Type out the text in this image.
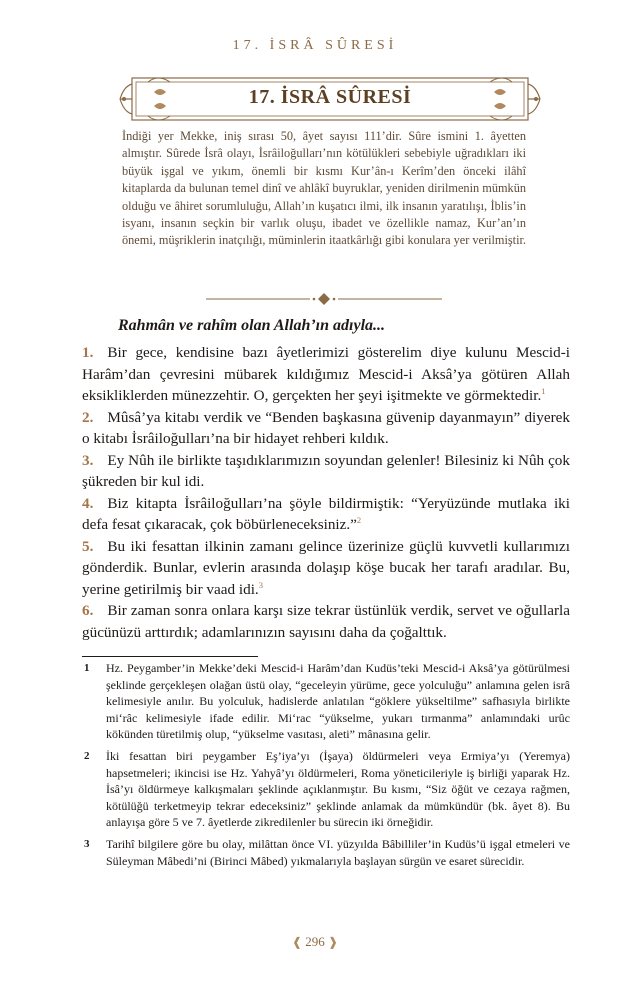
17. İSRÂ SÛRESİ
17. İSRÂ SÛRESİ
İndiği yer Mekke, iniş sırası 50, âyet sayısı 111’dir. Sûre ismini 1. âyetten almıştır. Sûrede İsrâ olayı, İsrâiloğulları’nın kötülükleri sebebiyle uğradıkları iki büyük işgal ve yıkım, önemli bir kısmı Kur’ân-ı Kerîm’den önceki ilâhî kitaplarda da bulunan temel dinî ve ahlâkî buyruklar, yeniden dirilmenin mümkün olduğu ve âhiret sorumluluğu, Allah’ın kuşatıcı ilmi, ilk insanın yaratılışı, İblis’in isyanı, insanın seçkin bir varlık oluşu, ibadet ve özellikle namaz, Kur’an’ın önemi, müşriklerin inatçılığı, müminlerin itaatkârlığı gibi konulara yer verilmiştir.
Rahmân ve rahîm olan Allah’ın adıyla...

1. Bir gece, kendisine bazı âyetlerimizi gösterelim diye kulunu Mescid-i Harâm’dan çevresini mübarek kıldığımız Mescid-i Aksâ’ya götüren Allah eksikliklerden münezzehtir. O, gerçekten her şeyi işitmekte ve görmektedir.$^1$

2. Mûsâ’ya kitabı verdik ve “Benden başkasına güvenip dayanmayın” diyerek o kitabı İsrâiloğulları’na bir hidayet rehberi kıldık.

3. Ey Nûh ile birlikte taşıdıklarımızın soyundan gelenler! Bilesiniz ki Nûh çok şükreden bir kul idi.

4. Biz kitapta İsrâiloğulları’na şöyle bildirmiştik: “Yeryüzünde mutlaka iki defa fesat çıkaracak, çok böbürleneceksiniz.”$^2$

5. Bu iki fesattan ilkinin zamanı gelince üzerinize güçlü kuvvetli kullarımızı gönderdik. Bunlar, evlerin arasında dolaşıp köşe bucak her tarafı aradılar. Bu, yerine getirilmiş bir vaad idi.$^3$

6. Bir zaman sonra onlara karşı size tekrar üstünlük verdik, servet ve oğullarla gücünüzü arttırdık; adamlarınızın sayısını daha da çoğalttık.

1	Hz. Peygamber’in Mekke’deki Mescid-i Harâm’dan Kudüs’teki Mescid-i Aksâ’ya götürülmesi şeklinde gerçekleşen olağan üstü olay, “geceleyin yürüme, gece yolculuğu” anlamına gelen isrâ kelimesiyle anılır. Bu yolculuk, hadislerde anlatılan “göklere yükseltilme” safhasıyla birlikte mi‘râc kelimesiyle ifade edilir. Mi‘rac “yükselme, yukarı tırmanma” anlamındaki urûc kökünden türetilmiş olup, “yükselme vasıtası, aleti” mânasına gelir.
2	İki fesattan biri peygamber Eş’iya’yı (İşaya) öldürmeleri veya Ermiya’yı (Yeremya) hapsetmeleri; ikincisi ise Hz. Yahyâ’yı öldürmeleri, Roma yöneticileriyle iş birliği yaparak Hz. İsâ’yı öldürmeye kalkışmaları şeklinde açıklanmıştır. Bu kısmı, “Siz öğüt ve cezaya rağmen, kötülüğü terketmeyip tekrar edeceksiniz” şeklinde anlamak da mümkündür (bk. âyet 8). Bu anlayışa göre 5 ve 7. âyetlerde zikredilenler bu sürecin iki örneğidir.
3	Tarihî bilgilere göre bu olay, milâttan önce VI. yüzyılda Bâbilliler’in Kudüs’ü işgal etmeleri ve Süleyman Mâbedi’ni (Birinci Mâbed) yıkmalarıyla başlayan sürgün ve esaret sürecidir.
❰ 296 ❱
